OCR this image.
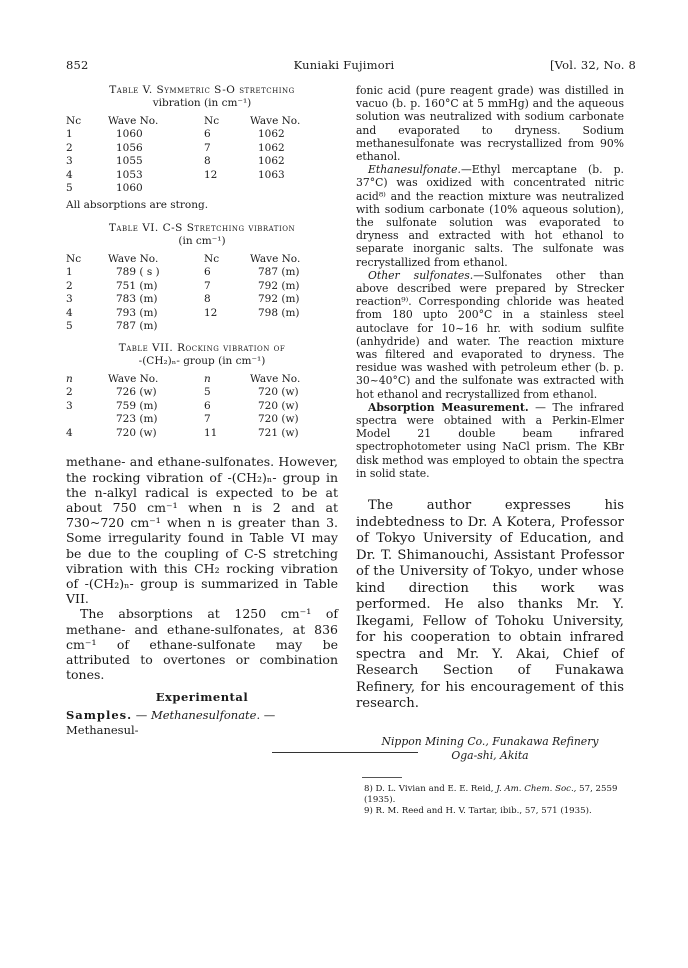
852	Kuniaki Fujimori	[Vol. 32, No. 8

Table V. Symmetric S-O stretching

vibration (in cm⁻¹)

Nc	Wave No.	Nc	Wave No.
1	1060	6	1062
2	1056	7	1062
3	1055	8	1062
4	1053	12	1063
5	1060		

All absorptions are strong.

Table VI. C-S Stretching vibration

(in cm⁻¹)

Nc	Wave No.	Nc	Wave No.
1	789 ( s )	6	787 (m)
2	751 (m)	7	792 (m)
3	783 (m)	8	792 (m)
4	793 (m)	12	798 (m)
5	787 (m)		

Table VII. Rocking vibration of

-(CH₂)ₙ- group (in cm⁻¹)

n	Wave No.	n	Wave No.
2	726 (w)	5	720 (w)
3	759 (m)	6	720 (w)
	723 (m)	7	720 (w)
4	720 (w)	11	721 (w)

methane- and ethane-sulfonates. However, the rocking vibration of -(CH₂)ₙ- group in the n-alkyl radical is expected to be at about 750 cm⁻¹ when n is 2 and at 730~720 cm⁻¹ when n is greater than 3. Some irregularity found in Table VI may be due to the coupling of C-S stretching vibration with this CH₂ rocking vibration of -(CH₂)ₙ- group is summarized in Table VII.

The absorptions at 1250 cm⁻¹ of methane- and ethane-sulfonates, at 836 cm⁻¹ of ethane-sulfonate may be attributed to overtones or combination tones.

Experimental

Samples. — Methanesulfonate. — Methanesul-

fonic acid (pure reagent grade) was distilled in vacuo (b. p. 160°C at 5 mmHg) and the aqueous solution was neutralized with sodium carbonate and evaporated to dryness. Sodium methanesulfonate was recrystallized from 90% ethanol.

Ethanesulfonate.—Ethyl mercaptane (b. p. 37°C) was oxidized with concentrated nitric acid⁸⁾ and the reaction mixture was neutralized with sodium carbonate (10% aqueous solution), the sulfonate solution was evaporated to dryness and extracted with hot ethanol to separate inorganic salts. The sulfonate was recrystallized from ethanol.

Other sulfonates.—Sulfonates other than above described were prepared by Strecker reaction⁹⁾. Corresponding chloride was heated from 180 upto 200°C in a stainless steel autoclave for 10~16 hr. with sodium sulfite (anhydride) and water. The reaction mixture was filtered and evaporated to dryness. The residue was washed with petroleum ether (b. p. 30~40°C) and the sulfonate was extracted with hot ethanol and recrystallized from ethanol.

Absorption Measurement. — The infrared spectra were obtained with a Perkin-Elmer Model 21 double beam infrared spectrophotometer using NaCl prism. The KBr disk method was employed to obtain the spectra in solid state.

The author expresses his indebtedness to Dr. A Kotera, Professor of Tokyo University of Education, and Dr. T. Shimanouchi, Assistant Professor of the University of Tokyo, under whose kind direction this work was performed. He also thanks Mr. Y. Ikegami, Fellow of Tohoku University, for his cooperation to obtain infrared spectra and Mr. Y. Akai, Chief of Research Section of Funakawa Refinery, for his encouragement of this research.

Nippon Mining Co., Funakawa Refinery

Oga-shi, Akita

8) D. L. Vivian and E. E. Reid, J. Am. Chem. Soc., 57, 2559 (1935).

9) R. M. Reed and H. V. Tartar, ibib., 57, 571 (1935).
